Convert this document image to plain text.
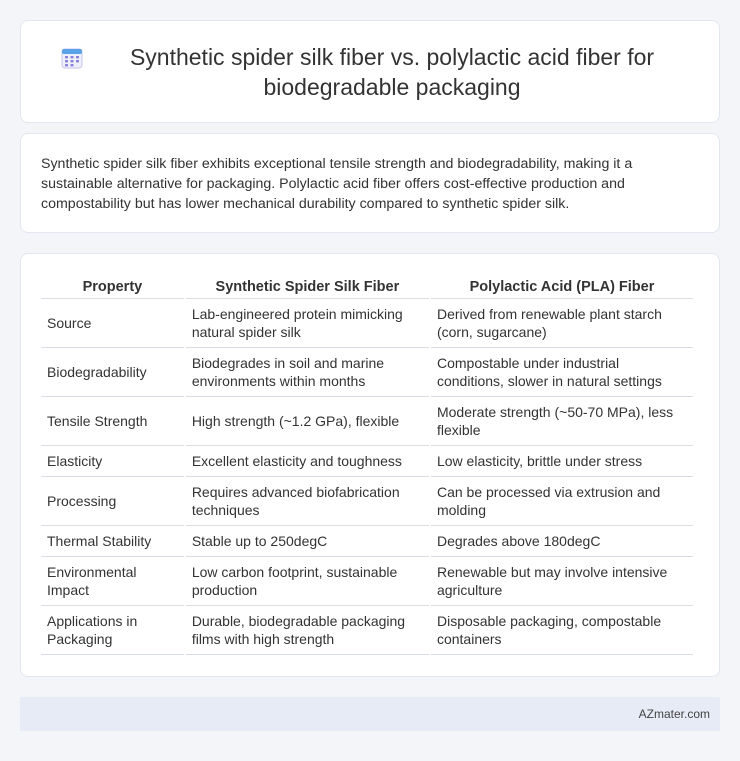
Synthetic spider silk fiber vs. polylactic acid fiber for biodegradable packaging

Synthetic spider silk fiber exhibits exceptional tensile strength and biodegradability, making it a sustainable alternative for packaging. Polylactic acid fiber offers cost-effective production and compostability but has lower mechanical durability compared to synthetic spider silk.

Property	Synthetic Spider Silk Fiber	Polylactic Acid (PLA) Fiber
Source	Lab-engineered protein mimicking natural spider silk	Derived from renewable plant starch (corn, sugarcane)
Biodegradability	Biodegrades in soil and marine environments within months	Compostable under industrial conditions, slower in natural settings
Tensile Strength	High strength (~1.2 GPa), flexible	Moderate strength (~50-70 MPa), less flexible
Elasticity	Excellent elasticity and toughness	Low elasticity, brittle under stress
Processing	Requires advanced biofabrication techniques	Can be processed via extrusion and molding
Thermal Stability	Stable up to 250degC	Degrades above 180degC
Environmental Impact	Low carbon footprint, sustainable production	Renewable but may involve intensive agriculture
Applications in Packaging	Durable, biodegradable packaging films with high strength	Disposable packaging, compostable containers
AZmater.com
